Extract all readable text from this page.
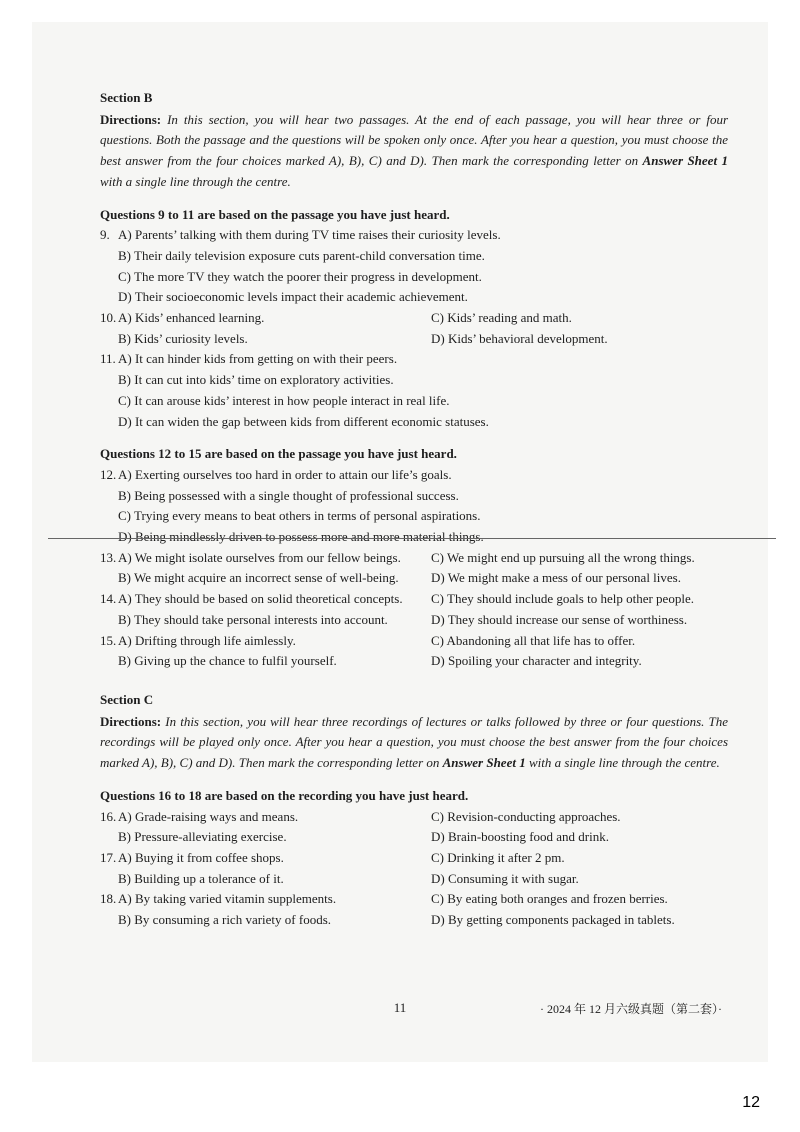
Section B

Directions: In this section, you will hear two passages. At the end of each passage, you will hear three or four questions. Both the passage and the questions will be spoken only once. After you hear a question, you must choose the best answer from the four choices marked A), B), C) and D). Then mark the corresponding letter on Answer Sheet 1 with a single line through the centre.

Questions 9 to 11 are based on the passage you have just heard.

9. A) Parents’ talking with them during TV time raises their curiosity levels.
B) Their daily television exposure cuts parent-child conversation time.
C) The more TV they watch the poorer their progress in development.
D) Their socioeconomic levels impact their academic achievement.
10. A) Kids’ enhanced learning.	C) Kids’ reading and math.
B) Kids’ curiosity levels.	D) Kids’ behavioral development.
11. A) It can hinder kids from getting on with their peers.
B) It can cut into kids’ time on exploratory activities.
C) It can arouse kids’ interest in how people interact in real life.
D) It can widen the gap between kids from different economic statuses.

Questions 12 to 15 are based on the passage you have just heard.

12. A) Exerting ourselves too hard in order to attain our life’s goals.
B) Being possessed with a single thought of professional success.
C) Trying every means to beat others in terms of personal aspirations.
D) Being mindlessly driven to possess more and more material things.
13. A) We might isolate ourselves from our fellow beings.	C) We might end up pursuing all the wrong things.
B) We might acquire an incorrect sense of well-being.	D) We might make a mess of our personal lives.
14. A) They should be based on solid theoretical concepts.	C) They should include goals to help other people.
B) They should take personal interests into account.	D) They should increase our sense of worthiness.
15. A) Drifting through life aimlessly.	C) Abandoning all that life has to offer.
B) Giving up the chance to fulfil yourself.	D) Spoiling your character and integrity.

Section C

Directions: In this section, you will hear three recordings of lectures or talks followed by three or four questions. The recordings will be played only once. After you hear a question, you must choose the best answer from the four choices marked A), B), C) and D). Then mark the corresponding letter on Answer Sheet 1 with a single line through the centre.

Questions 16 to 18 are based on the recording you have just heard.

16. A) Grade-raising ways and means.	C) Revision-conducting approaches.
B) Pressure-alleviating exercise.	D) Brain-boosting food and drink.
17. A) Buying it from coffee shops.	C) Drinking it after 2 pm.
B) Building up a tolerance of it.	D) Consuming it with sugar.
18. A) By taking varied vitamin supplements.	C) By eating both oranges and frozen berries.
B) By consuming a rich variety of foods.	D) By getting components packaged in tablets.
11	· 2024 年 12 月六级真题（第二套）·
12
